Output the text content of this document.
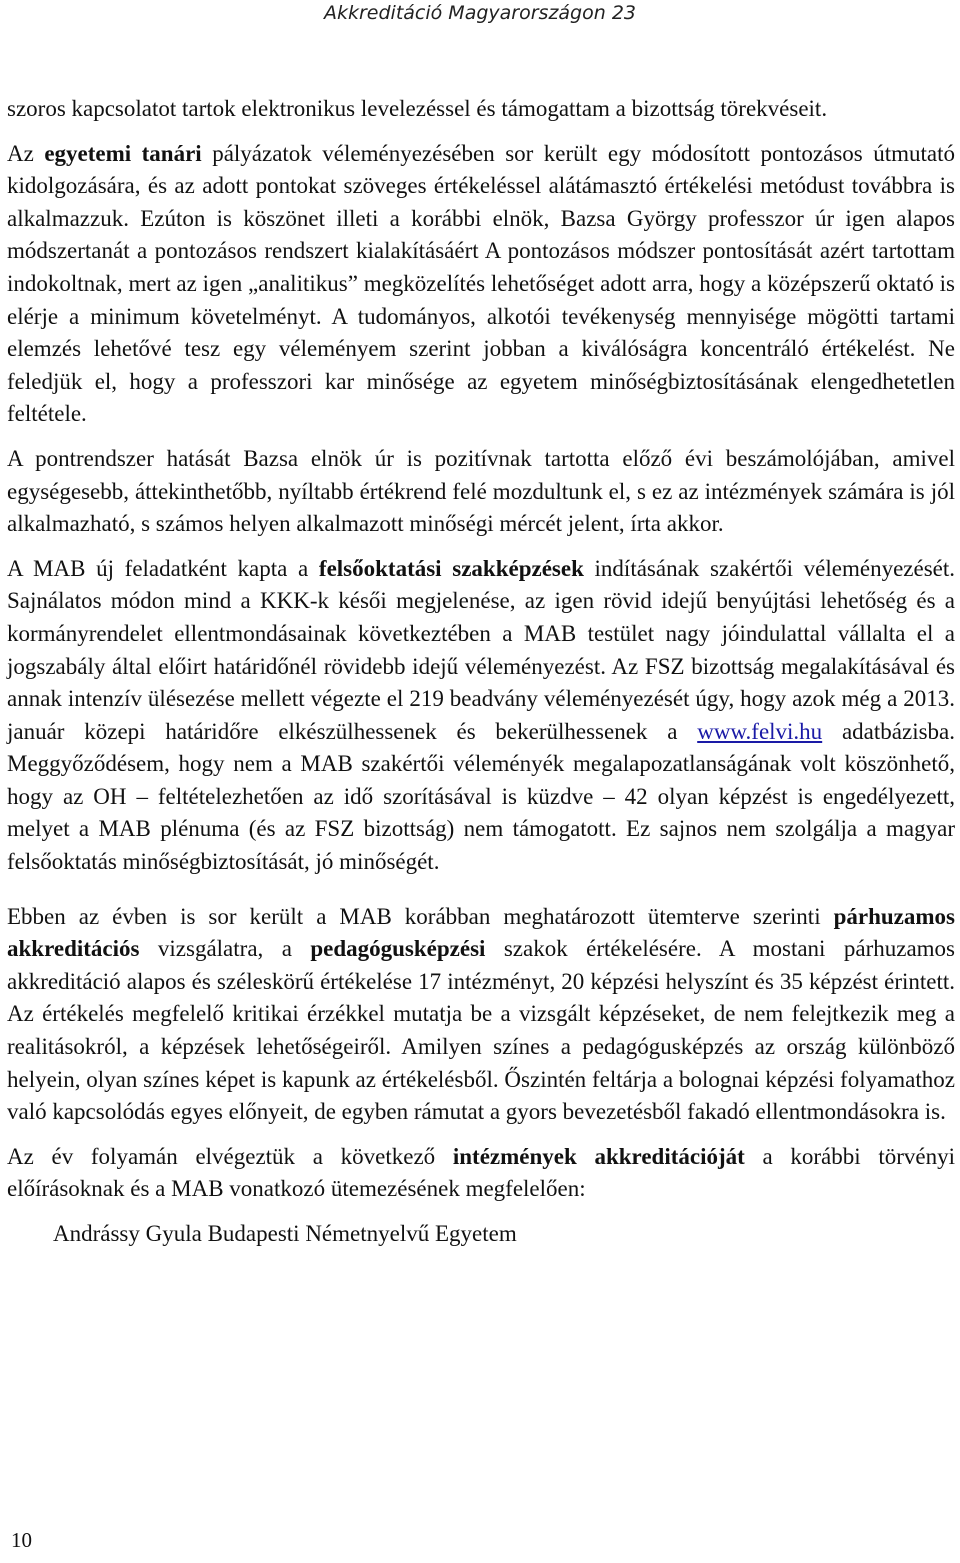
Akkreditáció Magyarországon 23

szoros kapcsolatot tartok elektronikus levelezéssel és támogattam a bizottság törekvéseit.

Az egyetemi tanári pályázatok véleményezésében sor került egy módosított pontozásos útmutató kidolgozására, és az adott pontokat szöveges értékeléssel alátámasztó értékelési metódust továbbra is alkalmazzuk. Ezúton is köszönet illeti a korábbi elnök, Bazsa György professzor úr igen alapos módszertanát a pontozásos rendszert kialakításáért A pontozásos módszer pontosítását azért tartottam indokoltnak, mert az igen „analitikus” megközelítés lehetőséget adott arra, hogy a középszerű oktató is elérje a minimum követelményt. A tudományos, alkotói tevékenység mennyisége mögötti tartami elemzés lehetővé tesz egy véleményem szerint jobban a kiválóságra koncentráló értékelést. Ne feledjük el, hogy a professzori kar minősége az egyetem minőségbiztosításának elengedhetetlen feltétele.

A pontrendszer hatását Bazsa elnök úr is pozitívnak tartotta előző évi beszámolójában, amivel egységesebb, áttekinthetőbb, nyíltabb értékrend felé mozdultunk el, s ez az intézmények számára is jól alkalmazható, s számos helyen alkalmazott minőségi mércét jelent, írta akkor.

A MAB új feladatként kapta a felsőoktatási szakképzések indításának szakértői véleményezését. Sajnálatos módon mind a KKK-k késői megjelenése, az igen rövid idejű benyújtási lehetőség és a kormányrendelet ellentmondásainak következtében a MAB testület nagy jóindulattal vállalta el a jogszabály által előirt határidőnél rövidebb idejű véleményezést. Az FSZ bizottság megalakításával és annak intenzív ülésezése mellett végezte el 219 beadvány véleményezését úgy, hogy azok még a 2013. január közepi határidőre elkészülhessenek és bekerülhessenek a www.felvi.hu adatbázisba. Meggyőződésem, hogy nem a MAB szakértői véleményék megalapozatlanságának volt köszönhető, hogy az OH – feltételezhetően az idő szorításával is küzdve – 42 olyan képzést is engedélyezett, melyet a MAB plénuma (és az FSZ bizottság) nem támogatott. Ez sajnos nem szolgálja a magyar felsőoktatás minőségbiztosítását, jó minőségét.

Ebben az évben is sor került a MAB korábban meghatározott ütemterve szerinti párhuzamos akkreditációs vizsgálatra, a pedagógusképzési szakok értékelésére. A mostani párhuzamos akkreditáció alapos és széleskörű értékelése 17 intézményt, 20 képzési helyszínt és 35 képzést érintett. Az értékelés megfelelő kritikai érzékkel mutatja be a vizsgált képzéseket, de nem felejtkezik meg a realitásokról, a képzések lehetőségeiről. Amilyen színes a pedagógusképzés az ország különböző helyein, olyan színes képet is kapunk az értékelésből. Őszintén feltárja a bolognai képzési folyamathoz való kapcsolódás egyes előnyeit, de egyben rámutat a gyors bevezetésből fakadó ellentmondásokra is.

Az év folyamán elvégeztük a következő intézmények akkreditációját a korábbi törvényi előírásoknak és a MAB vonatkozó ütemezésének megfelelően:

Andrássy Gyula Budapesti Németnyelvű Egyetem

10
